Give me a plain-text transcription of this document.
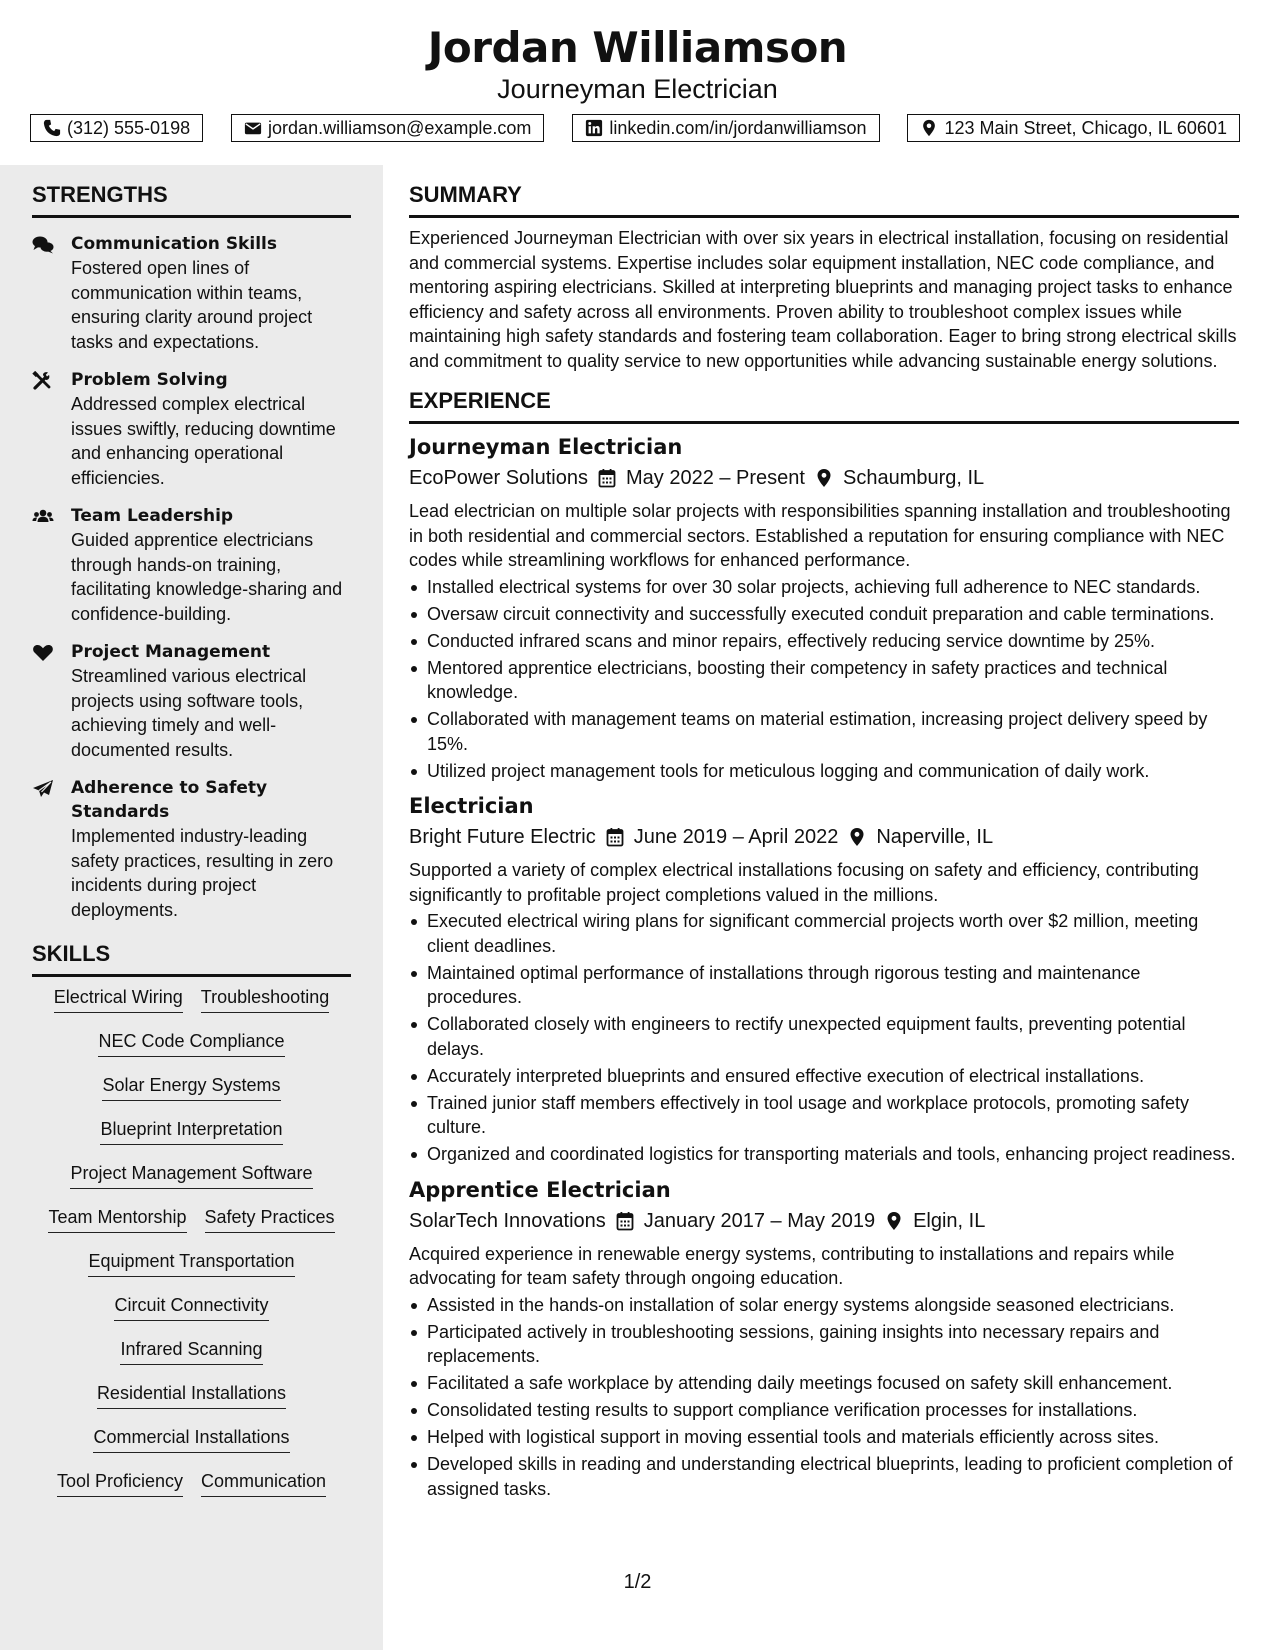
Jordan Williamson
Journeyman Electrician
(312) 555-0198	jordan.williamson@example.com	linkedin.com/in/jordanwilliamson	123 Main Street, Chicago, IL 60601
STRENGTHS
Communication Skills
Fostered open lines of communication within teams, ensuring clarity around project tasks and expectations.
Problem Solving
Addressed complex electrical issues swiftly, reducing downtime and enhancing operational efficiencies.
Team Leadership
Guided apprentice electricians through hands-on training, facilitating knowledge-sharing and confidence-building.
Project Management
Streamlined various electrical projects using software tools, achieving timely and well-documented results.
Adherence to Safety Standards
Implemented industry-leading safety practices, resulting in zero incidents during project deployments.
SKILLS
Electrical Wiring Troubleshooting
NEC Code Compliance
Solar Energy Systems
Blueprint Interpretation
Project Management Software
Team Mentorship Safety Practices
Equipment Transportation
Circuit Connectivity
Infrared Scanning
Residential Installations
Commercial Installations
Tool Proficiency Communication
SUMMARY
Experienced Journeyman Electrician with over six years in electrical installation, focusing on residential and commercial systems. Expertise includes solar equipment installation, NEC code compliance, and mentoring aspiring electricians. Skilled at interpreting blueprints and managing project tasks to enhance efficiency and safety across all environments. Proven ability to troubleshoot complex issues while maintaining high safety standards and fostering team collaboration. Eager to bring strong electrical skills and commitment to quality service to new opportunities while advancing sustainable energy solutions.
EXPERIENCE
Journeyman Electrician
EcoPower Solutions May 2022 – Present Schaumburg, IL
Lead electrician on multiple solar projects with responsibilities spanning installation and troubleshooting in both residential and commercial sectors. Established a reputation for ensuring compliance with NEC codes while streamlining workflows for enhanced performance.
Installed electrical systems for over 30 solar projects, achieving full adherence to NEC standards.
Oversaw circuit connectivity and successfully executed conduit preparation and cable terminations.
Conducted infrared scans and minor repairs, effectively reducing service downtime by 25%.
Mentored apprentice electricians, boosting their competency in safety practices and technical knowledge.
Collaborated with management teams on material estimation, increasing project delivery speed by 15%.
Utilized project management tools for meticulous logging and communication of daily work.
Electrician
Bright Future Electric June 2019 – April 2022 Naperville, IL
Supported a variety of complex electrical installations focusing on safety and efficiency, contributing significantly to profitable project completions valued in the millions.
Executed electrical wiring plans for significant commercial projects worth over $2 million, meeting client deadlines.
Maintained optimal performance of installations through rigorous testing and maintenance procedures.
Collaborated closely with engineers to rectify unexpected equipment faults, preventing potential delays.
Accurately interpreted blueprints and ensured effective execution of electrical installations.
Trained junior staff members effectively in tool usage and workplace protocols, promoting safety culture.
Organized and coordinated logistics for transporting materials and tools, enhancing project readiness.
Apprentice Electrician
SolarTech Innovations January 2017 – May 2019 Elgin, IL
Acquired experience in renewable energy systems, contributing to installations and repairs while advocating for team safety through ongoing education.
Assisted in the hands-on installation of solar energy systems alongside seasoned electricians.
Participated actively in troubleshooting sessions, gaining insights into necessary repairs and replacements.
Facilitated a safe workplace by attending daily meetings focused on safety skill enhancement.
Consolidated testing results to support compliance verification processes for installations.
Helped with logistical support in moving essential tools and materials efficiently across sites.
Developed skills in reading and understanding electrical blueprints, leading to proficient completion of assigned tasks.
1/2
